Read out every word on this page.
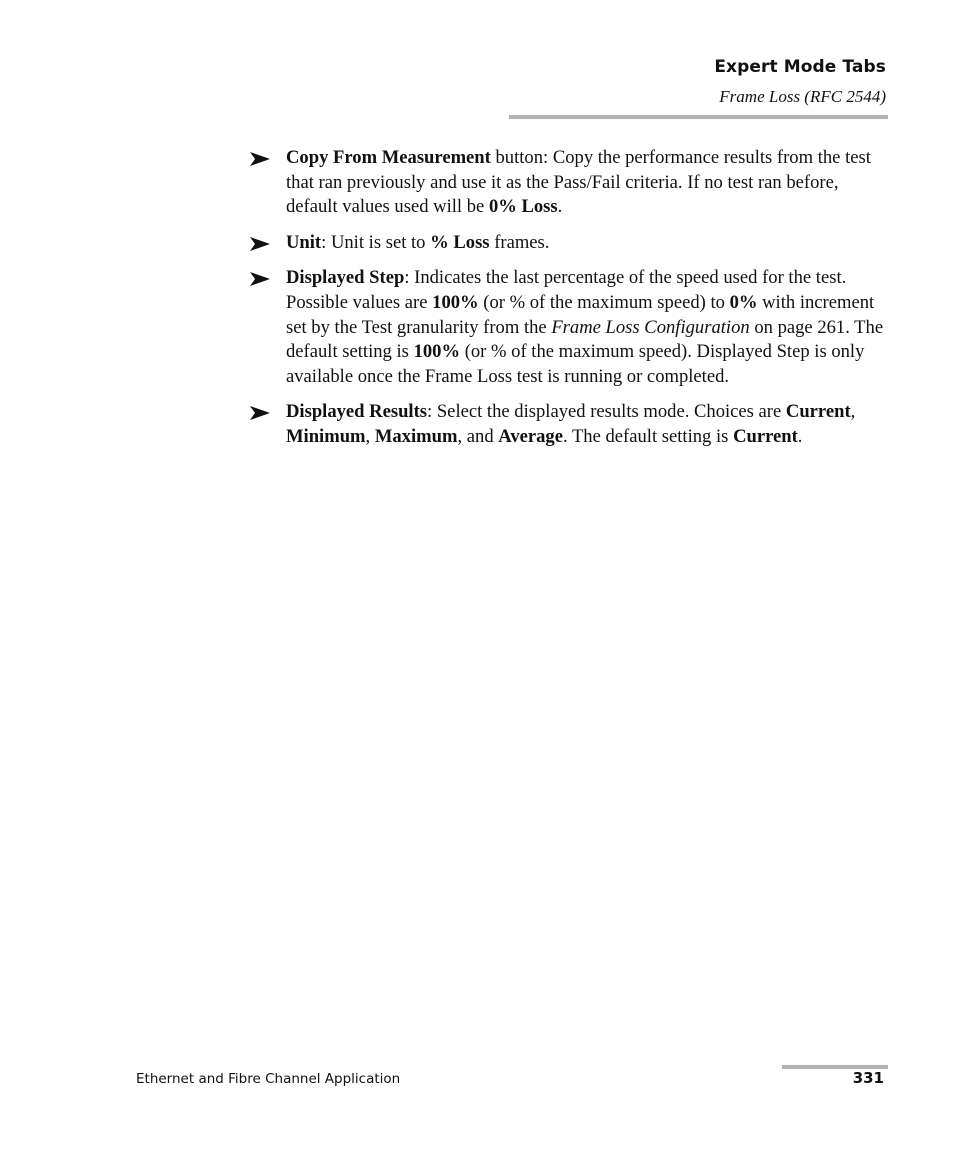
Expert Mode Tabs
Frame Loss (RFC 2544)
Copy From Measurement button: Copy the performance results from the test that ran previously and use it as the Pass/Fail criteria. If no test ran before, default values used will be 0% Loss.
Unit: Unit is set to % Loss frames.
Displayed Step: Indicates the last percentage of the speed used for the test. Possible values are 100% (or % of the maximum speed) to 0% with increment set by the Test granularity from the Frame Loss Configuration on page 261. The default setting is 100% (or % of the maximum speed). Displayed Step is only available once the Frame Loss test is running or completed.
Displayed Results: Select the displayed results mode. Choices are Current, Minimum, Maximum, and Average. The default setting is Current.
Ethernet and Fibre Channel Application	331
